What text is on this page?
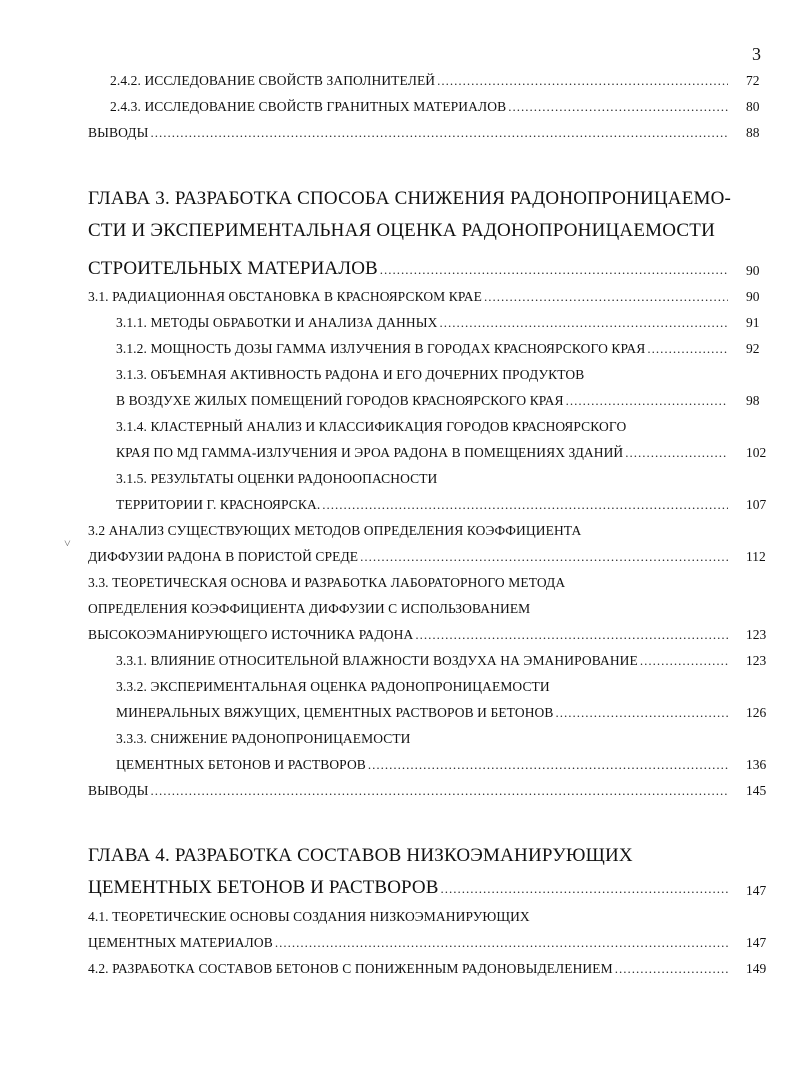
3
2.4.2. ИССЛЕДОВАНИЕ СВОЙСТВ ЗАПОЛНИТЕЛЕЙ .....	72
2.4.3. ИССЛЕДОВАНИЕ СВОЙСТВ ГРАНИТНЫХ МАТЕРИАЛОВ .....	80
ВЫВОДЫ .....	88
ГЛАВА 3. РАЗРАБОТКА СПОСОБА СНИЖЕНИЯ РАДОНОПРОНИЦАЕМО-
СТИ И ЭКСПЕРИМЕНТАЛЬНАЯ ОЦЕНКА РАДОНОПРОНИЦАЕМОСТИ
СТРОИТЕЛЬНЫХ МАТЕРИАЛОВ .....	90
3.1. РАДИАЦИОННАЯ ОБСТАНОВКА В КРАСНОЯРСКОМ КРАЕ .....	90
3.1.1. МЕТОДЫ ОБРАБОТКИ И АНАЛИЗА ДАННЫХ .....	91
3.1.2. МОЩНОСТЬ ДОЗЫ ГАММА ИЗЛУЧЕНИЯ В ГОРОДАХ КРАСНОЯРСКОГО КРАЯ .....	92
3.1.3. ОБЪЕМНАЯ АКТИВНОСТЬ РАДОНА И ЕГО ДОЧЕРНИХ ПРОДУКТОВ
В ВОЗДУХЕ ЖИЛЫХ ПОМЕЩЕНИЙ ГОРОДОВ КРАСНОЯРСКОГО КРАЯ .....	98
3.1.4. КЛАСТЕРНЫЙ АНАЛИЗ И КЛАССИФИКАЦИЯ ГОРОДОВ КРАСНОЯРСКОГО
КРАЯ ПО МД ГАММА-ИЗЛУЧЕНИЯ И ЭРОА РАДОНА В ПОМЕЩЕНИЯХ ЗДАНИЙ .....	102
3.1.5. РЕЗУЛЬТАТЫ ОЦЕНКИ РАДОНООПАСНОСТИ
ТЕРРИТОРИИ Г. КРАСНОЯРСКА. .....	107
˅
3.2 АНАЛИЗ СУЩЕСТВУЮЩИХ МЕТОДОВ ОПРЕДЕЛЕНИЯ КОЭФФИЦИЕНТА
ДИФФУЗИИ РАДОНА В ПОРИСТОЙ СРЕДЕ .....	112
3.3. ТЕОРЕТИЧЕСКАЯ ОСНОВА И РАЗРАБОТКА ЛАБОРАТОРНОГО МЕТОДА
ОПРЕДЕЛЕНИЯ КОЭФФИЦИЕНТА ДИФФУЗИИ С ИСПОЛЬЗОВАНИЕМ
ВЫСОКОЭМАНИРУЮЩЕГО ИСТОЧНИКА РАДОНА .....	123
3.3.1. ВЛИЯНИЕ ОТНОСИТЕЛЬНОЙ ВЛАЖНОСТИ ВОЗДУХА НА ЭМАНИРОВАНИЕ .....	123
3.3.2. ЭКСПЕРИМЕНТАЛЬНАЯ ОЦЕНКА РАДОНОПРОНИЦАЕМОСТИ
МИНЕРАЛЬНЫХ ВЯЖУЩИХ, ЦЕМЕНТНЫХ РАСТВОРОВ И БЕТОНОВ .....	126
3.3.3. СНИЖЕНИЕ РАДОНОПРОНИЦАЕМОСТИ
ЦЕМЕНТНЫХ БЕТОНОВ И РАСТВОРОВ .....	136
ВЫВОДЫ .....	145
ГЛАВА 4. РАЗРАБОТКА СОСТАВОВ НИЗКОЭМАНИРУЮЩИХ
ЦЕМЕНТНЫХ БЕТОНОВ И РАСТВОРОВ .....	147
4.1. ТЕОРЕТИЧЕСКИЕ ОСНОВЫ СОЗДАНИЯ НИЗКОЭМАНИРУЮЩИХ
ЦЕМЕНТНЫХ МАТЕРИАЛОВ .....	147
4.2. РАЗРАБОТКА СОСТАВОВ БЕТОНОВ С ПОНИЖЕННЫМ РАДОНОВЫДЕЛЕНИЕМ .....	149
